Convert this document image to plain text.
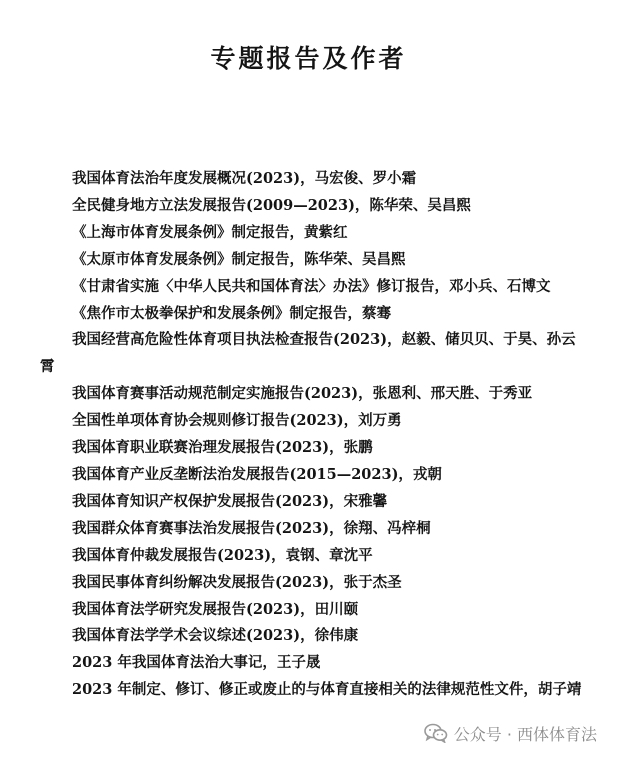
专题报告及作者
我国体育法治年度发展概况(2023)，马宏俊、罗小霜
全民健身地方立法发展报告(2009—2023)，陈华荣、吴昌熙
《上海市体育发展条例》制定报告，黄紫红
《太原市体育发展条例》制定报告，陈华荣、吴昌熙
《甘肃省实施〈中华人民共和国体育法〉办法》修订报告，邓小兵、石博文
《焦作市太极拳保护和发展条例》制定报告，蔡骞
我国经营高危险性体育项目执法检查报告(2023)，赵毅、储贝贝、于昊、孙云霄
我国体育赛事活动规范制定实施报告(2023)，张恩利、邢天胜、于秀亚
全国性单项体育协会规则修订报告(2023)，刘万勇
我国体育职业联赛治理发展报告(2023)，张鹏
我国体育产业反垄断法治发展报告(2015—2023)，戎朝
我国体育知识产权保护发展报告(2023)，宋雅馨
我国群众体育赛事法治发展报告(2023)，徐翔、冯梓桐
我国体育仲裁发展报告(2023)，袁钢、章沈平
我国民事体育纠纷解决发展报告(2023)，张于杰圣
我国体育法学研究发展报告(2023)，田川颐
我国体育法学学术会议综述(2023)，徐伟康
2023 年我国体育法治大事记，王子晟
2023 年制定、修订、修正或废止的与体育直接相关的法律规范性文件，胡子靖
公众号 · 西体体育法
